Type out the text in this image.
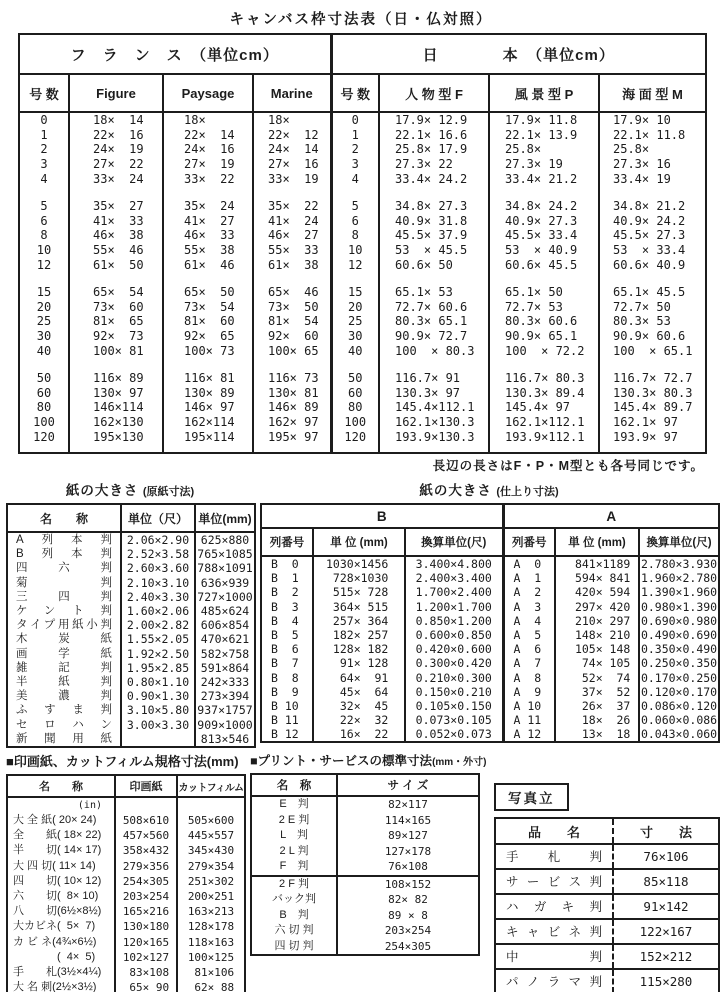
キャンバス枠寸法表（日・仏対照）
フ　ラ　ン　ス　（単位cm）				日　　　　本　（単位cm）			
号 数	Figure	Paysage	Marine	号 数	人 物 型 F	風 景 型 P	海 面 型 M
0	18×  14	18×	18×	0	17.9× 12.9	17.9× 11.8	17.9× 10
1	22×  16	22×  14	22×  12	1	22.1× 16.6	22.1× 13.9	22.1× 11.8
2	24×  19	24×  16	24×  14	2	25.8× 17.9	25.8×	25.8×
3	27×  22	27×  19	27×  16	3	27.3× 22	27.3× 19	27.3× 16
4	33×  24	33×  22	33×  19	4	33.4× 24.2	33.4× 21.2	33.4× 19

5	35×  27	35×  24	35×  22	5	34.8× 27.3	34.8× 24.2	34.8× 21.2
6	41×  33	41×  27	41×  24	6	40.9× 31.8	40.9× 27.3	40.9× 24.2
8	46×  38	46×  33	46×  27	8	45.5× 37.9	45.5× 33.4	45.5× 27.3
10	55×  46	55×  38	55×  33	10	53  × 45.5	53  × 40.9	53  × 33.4
12	61×  50	61×  46	61×  38	12	60.6× 50	60.6× 45.5	60.6× 40.9

15	65×  54	65×  50	65×  46	15	65.1× 53	65.1× 50	65.1× 45.5
20	73×  60	73×  54	73×  50	20	72.7× 60.6	72.7× 53	72.7× 50
25	81×  65	81×  60	81×  54	25	80.3× 65.1	80.3× 60.6	80.3× 53
30	92×  73	92×  65	92×  60	30	90.9× 72.7	90.9× 65.1	90.9× 60.6
40	100× 81	100× 73	100× 65	40	100  × 80.3	100  × 72.2	100  × 65.1

50	116× 89	116× 81	116× 73	50	116.7× 91	116.7× 80.3	116.7× 72.7
60	130× 97	130× 89	130× 81	60	130.3× 97	130.3× 89.4	130.3× 80.3
80	146×114	146× 97	146× 89	80	145.4×112.1	145.4× 97	145.4× 89.7
100	162×130	162×114	162× 97	100	162.1×130.3	162.1×112.1	162.1× 97
120	195×130	195×114	195× 97	120	193.9×130.3	193.9×112.1	193.9× 97

長辺の長さはF・P・M型とも各号同じです。
紙の大きさ (原紙寸法)
名　　称	単位（尺）	単位(mm)
A列本判	2.06×2.90	625×880
B列本判	2.52×3.58	765×1085
四六判	2.60×3.60	788×1091
菊判	2.10×3.10	636×939
三四判	2.40×3.30	727×1000
ケント判	1.60×2.06	485×624
タイプ用紙小判	2.00×2.82	606×854
木炭紙	1.55×2.05	470×621
画学紙	1.92×2.50	582×758
雑記判	1.95×2.85	591×864
半紙判	0.80×1.10	242×333
美濃判	0.90×1.30	273×394
ふすま判	3.10×5.80	937×1757
セロハン	3.00×3.30	909×1000
新聞用紙		813×546
紙の大きさ (仕上り寸法)
B			A		
列番号	単 位 (mm)	換算単位(尺)	列番号	単 位 (mm)	換算単位(尺)
B  0	1030×1456	3.400×4.800	A  0	841×1189	2.780×3.930
B  1	728×1030	2.400×3.400	A  1	594× 841	1.960×2.780
B  2	515× 728	1.700×2.400	A  2	420× 594	1.390×1.960
B  3	364× 515	1.200×1.700	A  3	297× 420	0.980×1.390
B  4	257× 364	0.850×1.200	A  4	210× 297	0.690×0.980
B  5	182× 257	0.600×0.850	A  5	148× 210	0.490×0.690
B  6	128× 182	0.420×0.600	A  6	105× 148	0.350×0.490
B  7	91× 128	0.300×0.420	A  7	74× 105	0.250×0.350
B  8	64×  91	0.210×0.300	A  8	52×  74	0.170×0.250
B  9	45×  64	0.150×0.210	A  9	37×  52	0.120×0.170
B 10	32×  45	0.105×0.150	A 10	26×  37	0.086×0.120
B 11	22×  32	0.073×0.105	A 11	18×  26	0.060×0.086
B 12	16×  22	0.052×0.073	A 12	13×  18	0.043×0.060
■印画紙、カットフィルム規格寸法(mm)
名　　称	印画紙	カットフィルム
(in)		
大 全 紙( 20× 24)	508×610	505×600
全　　紙( 18× 22)	457×560	445×557
半　　切( 14× 17)	358×432	345×430
大 四 切( 11× 14)	279×356	279×354
四　　切( 10× 12)	254×305	251×302
六　　切(  8× 10)	203×254	200×251
八　　切(6½×8½)	165×216	163×213
大カビネ(  5×  7)	130×180	128×178
カ ビ ネ(4¾×6½)	120×165	118×163
　　　　(  4×  5)	102×127	100×125
手　　札(3½×4¼)	83×108	81×106
大 名 刺(2½×3½)	65× 90	62× 88
■プリント・サービスの標準寸法(mm・外寸)
名　称	サ イ ズ
E　判	82×117
2 E 判	114×165
L　判	89×127
2 L 判	127×178
F　判	76×108
2 F 判	108×152
バック判	82× 82
B　判	89 × 8
六 切 判	203×254
四 切 判	254×305
写真立
品　　名	寸　　法
手 札 判	76×106
サービス判	85×118
ハ ガ キ 判	91×142
キャビネ判	122×167
中　　　判	152×212
パノラマ判	115×280
